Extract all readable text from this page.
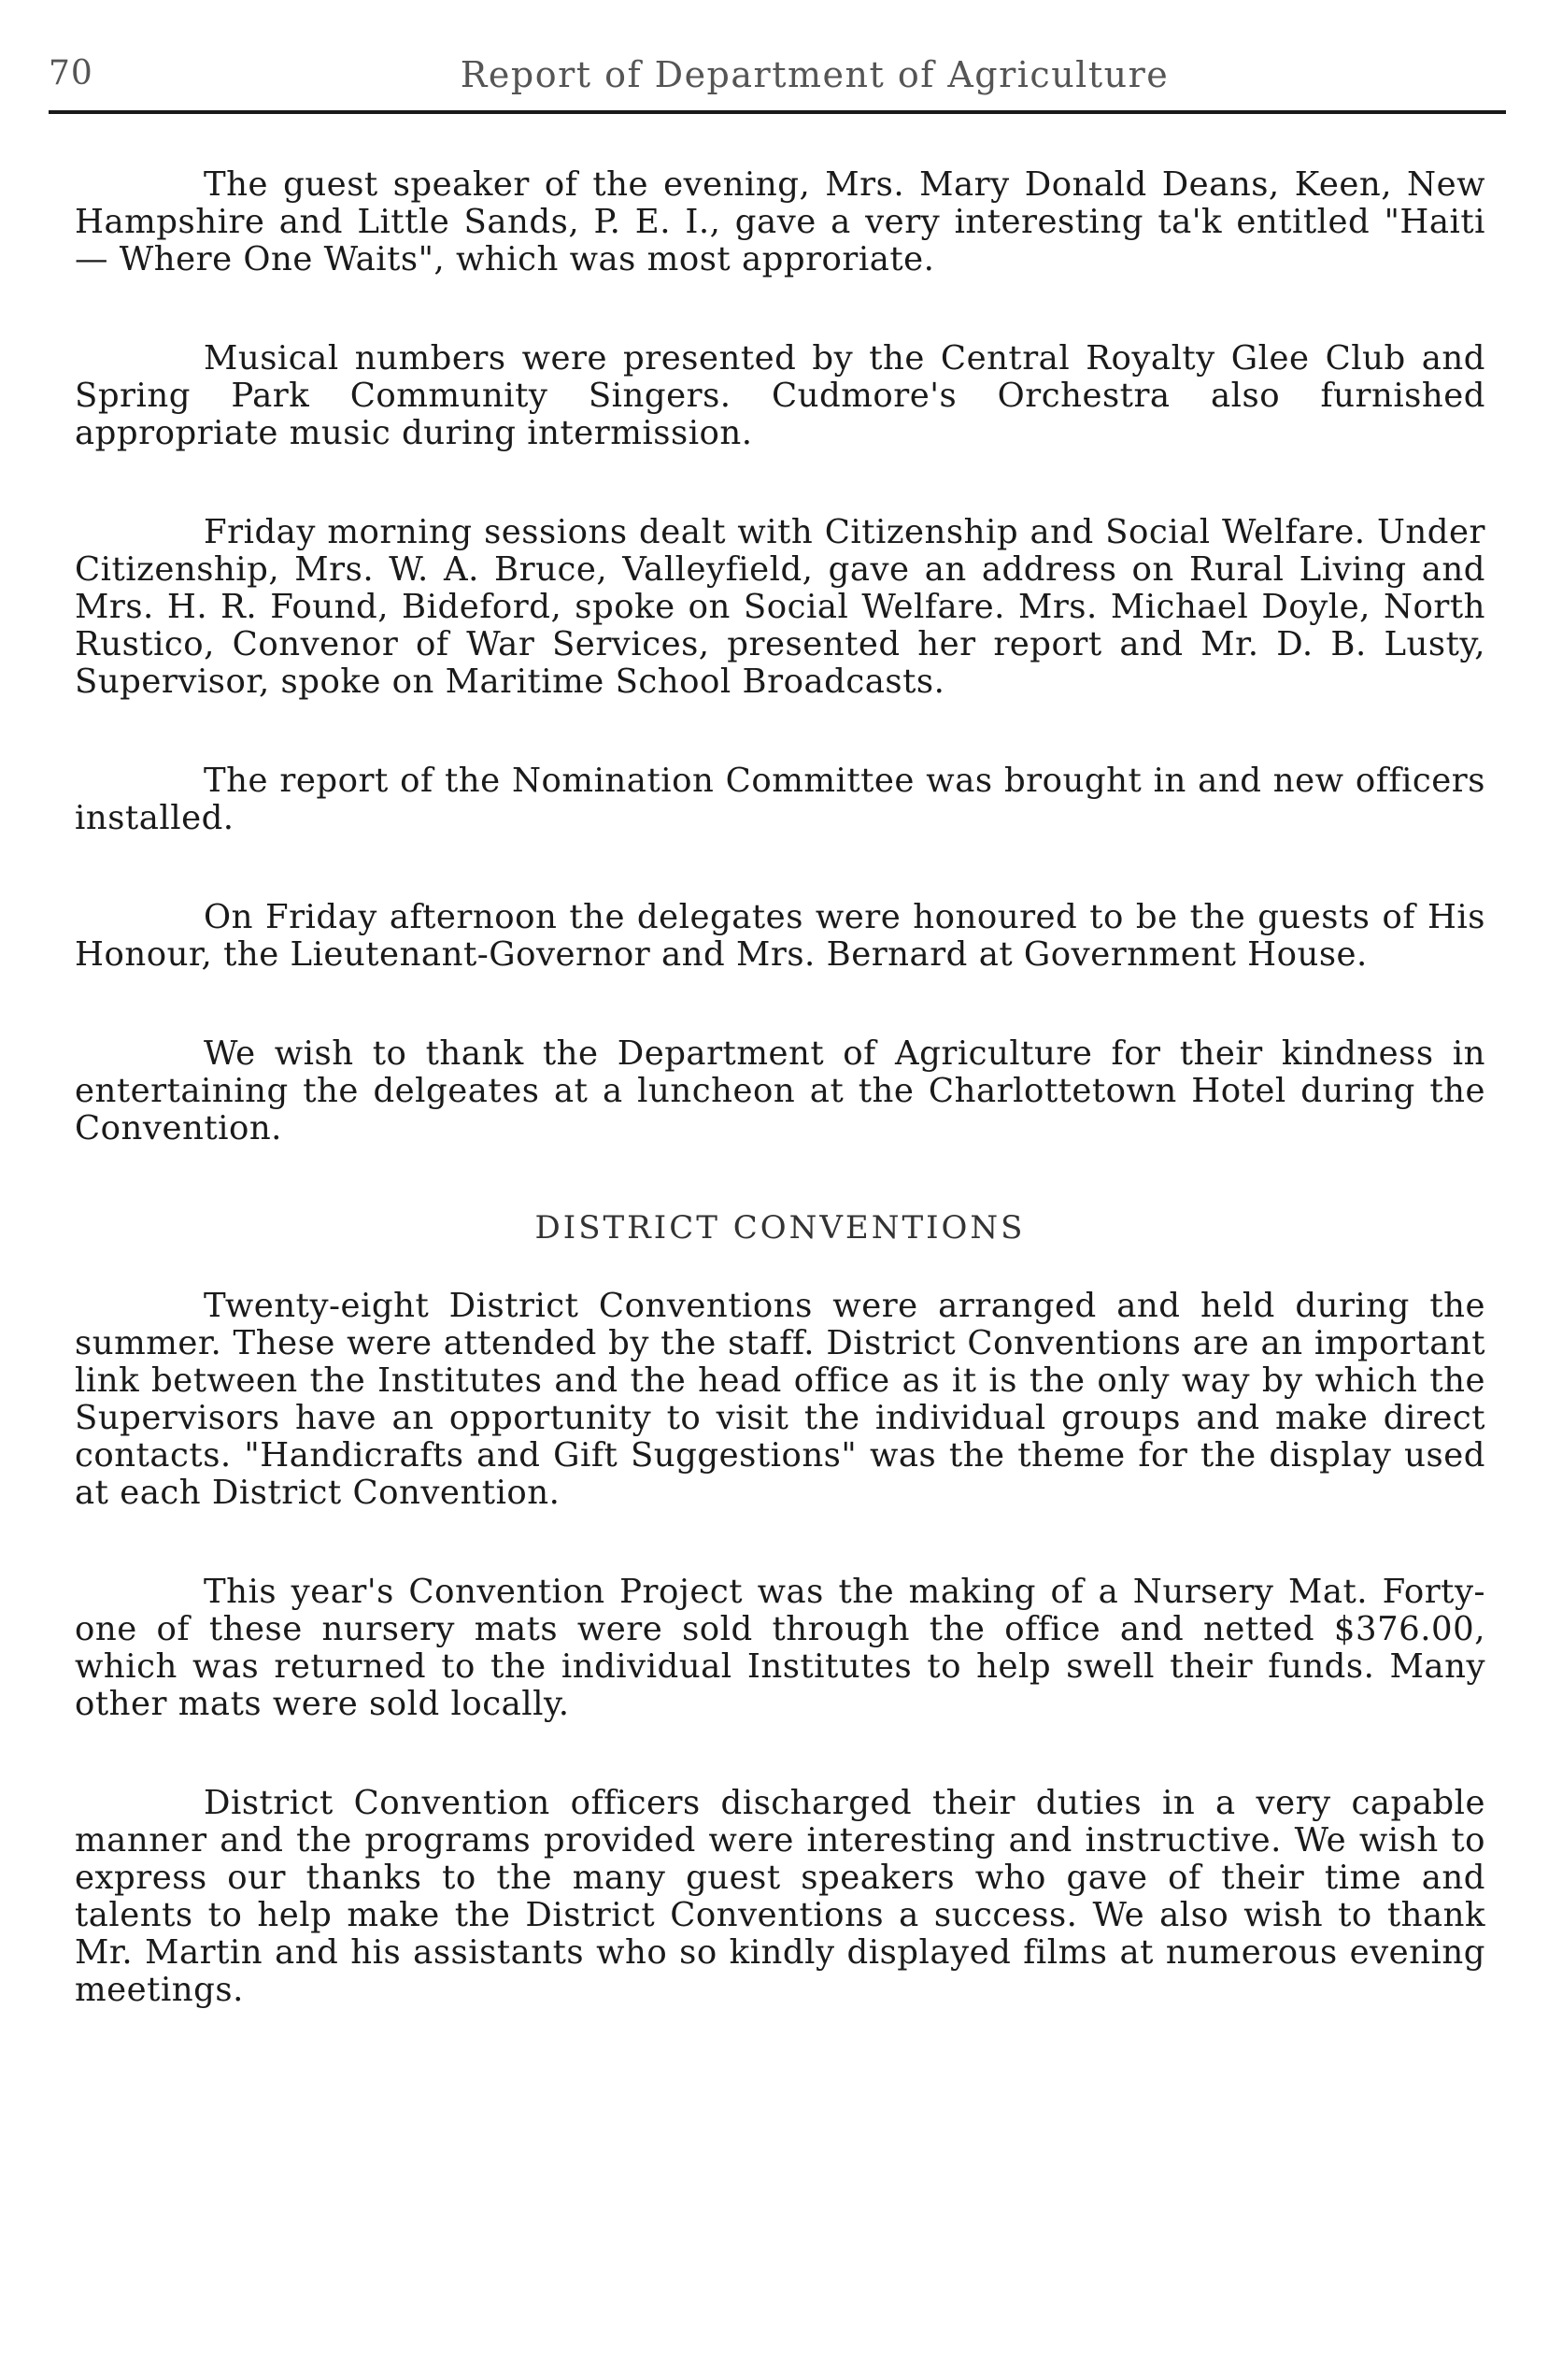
70	Report of Department of Agriculture

The guest speaker of the evening, Mrs. Mary Donald Deans, Keen, New Hampshire and Little Sands, P. E. I., gave a very interesting ta'k entitled "Haiti — Where One Waits", which was most approriate.

Musical numbers were presented by the Central Royalty Glee Club and Spring Park Community Singers. Cudmore's Orchestra also furnished appropriate music during intermission.

Friday morning sessions dealt with Citizenship and Social Welfare. Under Citizenship, Mrs. W. A. Bruce, Valleyfield, gave an address on Rural Living and Mrs. H. R. Found, Bideford, spoke on Social Welfare. Mrs. Michael Doyle, North Rustico, Convenor of War Services, presented her report and Mr. D. B. Lusty, Supervisor, spoke on Maritime School Broadcasts.

The report of the Nomination Committee was brought in and new officers installed.

On Friday afternoon the delegates were honoured to be the guests of His Honour, the Lieutenant-Governor and Mrs. Bernard at Government House.

We wish to thank the Department of Agriculture for their kindness in entertaining the delgeates at a luncheon at the Charlottetown Hotel during the Convention.

DISTRICT CONVENTIONS

Twenty-eight District Conventions were arranged and held during the summer. These were attended by the staff. District Conventions are an important link between the Institutes and the head office as it is the only way by which the Supervisors have an opportunity to visit the individual groups and make direct contacts. "Handicrafts and Gift Suggestions" was the theme for the display used at each District Convention.

This year's Convention Project was the making of a Nursery Mat. Forty-one of these nursery mats were sold through the office and netted $376.00, which was returned to the individual Institutes to help swell their funds. Many other mats were sold locally.

District Convention officers discharged their duties in a very capable manner and the programs provided were interesting and instructive. We wish to express our thanks to the many guest speakers who gave of their time and talents to help make the District Conventions a success. We also wish to thank Mr. Martin and his assistants who so kindly displayed films at numerous evening meetings.
